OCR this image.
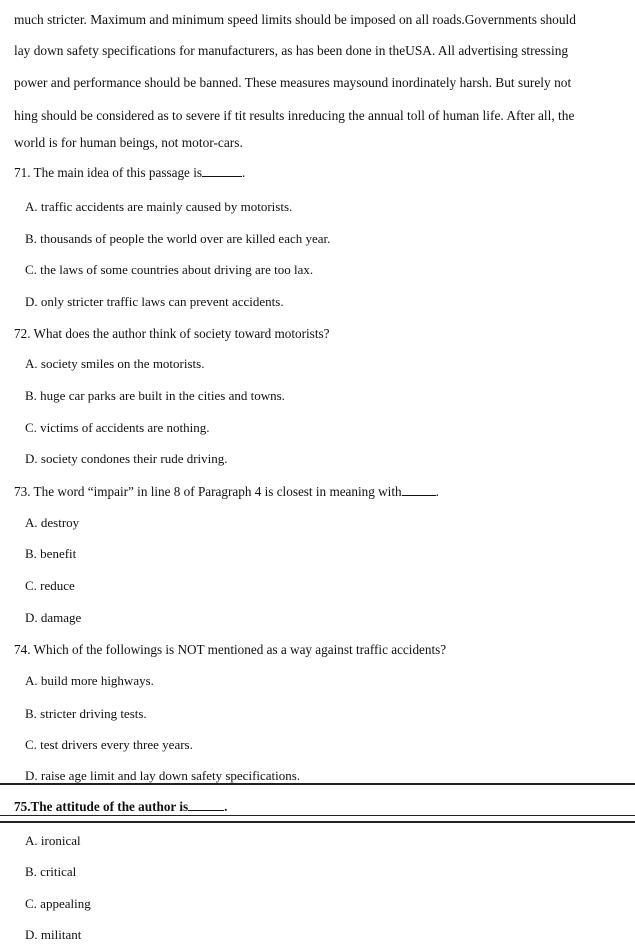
much stricter. Maximum and minimum speed limits should be imposed on all roads.Governments should
lay down safety specifications for manufacturers, as has been done in theUSA. All advertising stressing
power and performance should be banned. These measures maysound inordinately harsh. But surely not
hing should be considered as to severe if tit results inreducing the annual toll of human life. After all, the
world is for human beings, not motor-cars.
71. The main idea of this passage is	.
A. traffic accidents are mainly caused by motorists.
B. thousands of people the world over are killed each year.
C. the laws of some countries about driving are too lax.
D. only stricter traffic laws can prevent accidents.
72. What does the author think of society toward motorists?
A. society smiles on the motorists.
B. huge car parks are built in the cities and towns.
C. victims of accidents are nothing.
D. society condones their rude driving.
73. The word “impair” in line 8 of Paragraph 4 is closest in meaning with	.
A. destroy
B. benefit
C. reduce
D. damage
74. Which of the followings is NOT mentioned as a way against traffic accidents?
A. build more highways.
B. stricter driving tests.
C. test drivers every three years.
D. raise age limit and lay down safety specifications.
75.The attitude of the author is	.
A. ironical
B. critical
C. appealing
D. militant
